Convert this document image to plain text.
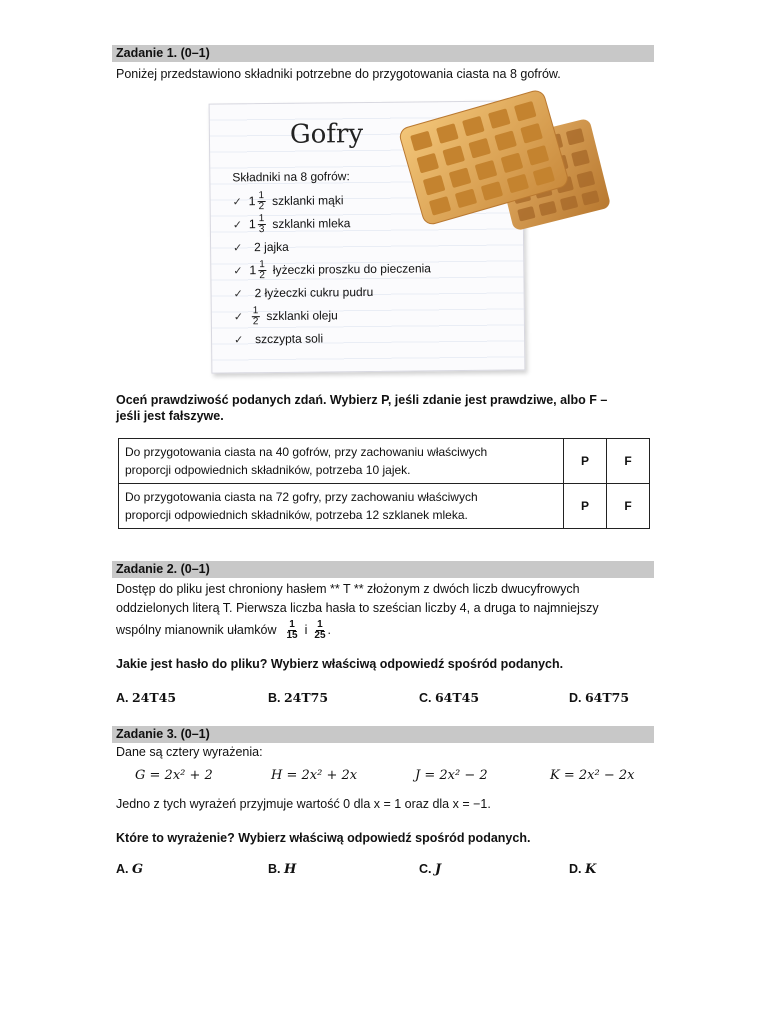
Zadanie 1. (0–1)
Poniżej przedstawiono składniki potrzebne do przygotowania ciasta na 8 gofrów.
Gofry
Składniki na 8 gofrów:
✓ $1 \frac{1}{2}$ szklanki mąki
✓ $1 \frac{1}{3}$ szklanki mleka
✓ 2 jajka
✓ $1 \frac{1}{2}$ łyżeczki proszku do pieczenia
✓ 2 łyżeczki cukru pudru
✓ $\frac{1}{2}$ szklanki oleju
✓ szczypta soli
Oceń prawdziwość podanych zdań. Wybierz P, jeśli zdanie jest prawdziwe, albo F –
jeśli jest fałszywe.
Do przygotowania ciasta na 40 gofrów, przy zachowaniu właściwych
proporcji odpowiednich składników, potrzeba 10 jajek.	P	F

Do przygotowania ciasta na 72 gofry, przy zachowaniu właściwych
proporcji odpowiednich składników, potrzeba 12 szklanek mleka.	P	F
Zadanie 2. (0–1)
Dostęp do pliku jest chroniony hasłem ** T ** złożonym z dwóch liczb dwucyfrowych
oddzielonych literą T. Pierwsza liczba hasła to sześcian liczby 4, a druga to najmniejszy
wspólny mianownik ułamków $\frac{1}{15}$ i $\frac{1}{25}$ .
Jakie jest hasło do pliku? Wybierz właściwą odpowiedź spośród podanych.
A. 24T45	B. 24T75	C. 64T45	D. 64T75
Zadanie 3. (0–1)
Dane są cztery wyrażenia:
G = 2x² + 2	H = 2x² + 2x	J = 2x² − 2	K = 2x² − 2x
Jedno z tych wyrażeń przyjmuje wartość 0 dla x = 1 oraz dla x = −1.
Które to wyrażenie? Wybierz właściwą odpowiedź spośród podanych.
A. G	B. H	C. J	D. K
